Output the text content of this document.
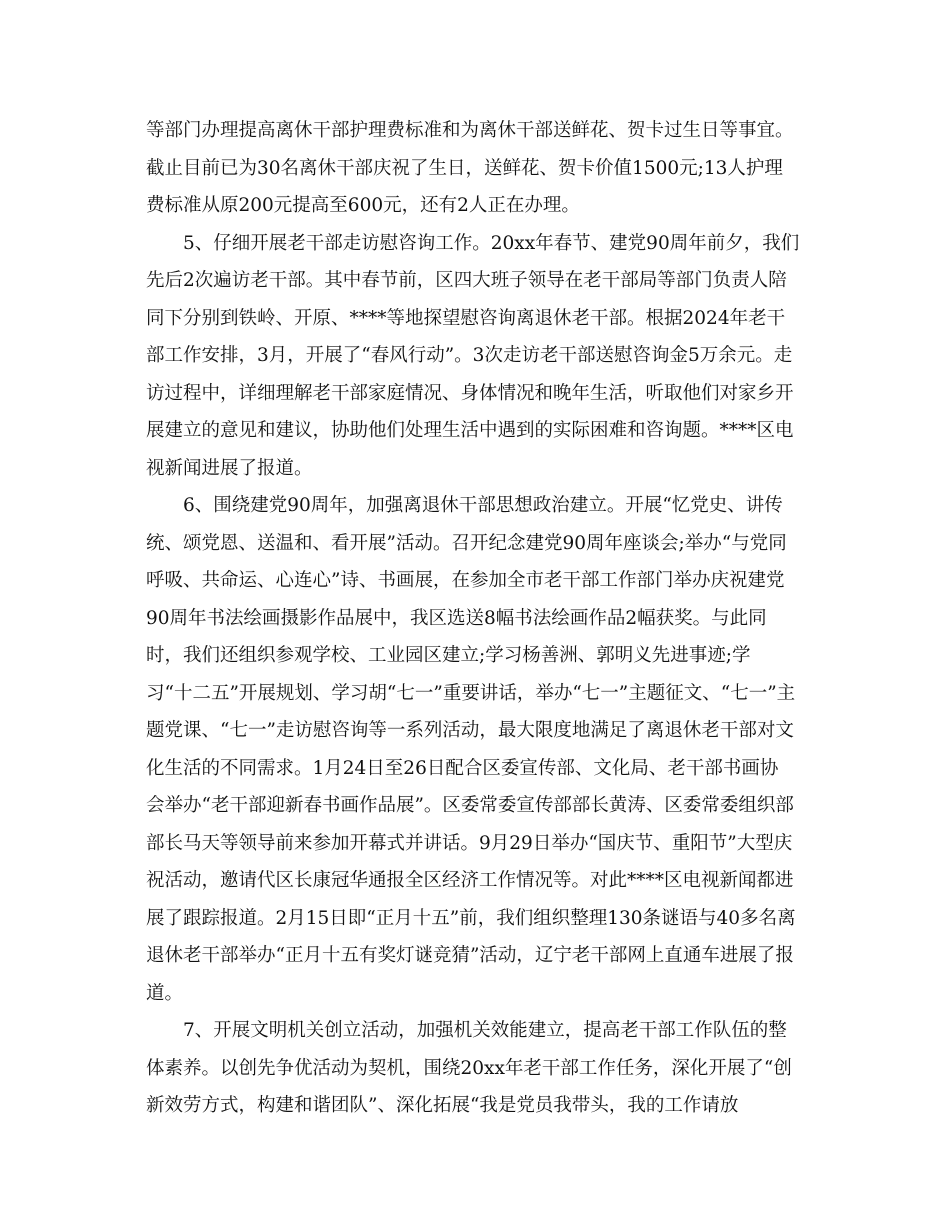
等部门办理提高离休干部护理费标准和为离休干部送鲜花、贺卡过生日等事宜。
截止目前已为30名离休干部庆祝了生日，送鲜花、贺卡价值1500元;13人护理
费标准从原200元提高至600元，还有2人正在办理。
5、仔细开展老干部走访慰咨询工作。20xx年春节、建党90周年前夕，我们
先后2次遍访老干部。其中春节前，区四大班子领导在老干部局等部门负责人陪
同下分别到铁岭、开原、****等地探望慰咨询离退休老干部。根据2024年老干
部工作安排，3月，开展了“春风行动”。3次走访老干部送慰咨询金5万余元。走
访过程中，详细理解老干部家庭情况、身体情况和晚年生活，听取他们对家乡开
展建立的意见和建议，协助他们处理生活中遇到的实际困难和咨询题。****区电
视新闻进展了报道。
6、围绕建党90周年，加强离退休干部思想政治建立。开展“忆党史、讲传
统、颂党恩、送温和、看开展”活动。召开纪念建党90周年座谈会;举办“与党同
呼吸、共命运、心连心”诗、书画展，在参加全市老干部工作部门举办庆祝建党
90周年书法绘画摄影作品展中，我区选送8幅书法绘画作品2幅获奖。与此同
时，我们还组织参观学校、工业园区建立;学习杨善洲、郭明义先进事迹;学
习“十二五”开展规划、学习胡“七一”重要讲话，举办“七一”主题征文、“七一”主
题党课、“七一”走访慰咨询等一系列活动，最大限度地满足了离退休老干部对文
化生活的不同需求。1月24日至26日配合区委宣传部、文化局、老干部书画协
会举办“老干部迎新春书画作品展”。区委常委宣传部部长黄涛、区委常委组织部
部长马天等领导前来参加开幕式并讲话。9月29日举办“国庆节、重阳节”大型庆
祝活动，邀请代区长康冠华通报全区经济工作情况等。对此****区电视新闻都进
展了跟踪报道。2月15日即“正月十五”前，我们组织整理130条谜语与40多名离
退休老干部举办“正月十五有奖灯谜竞猜”活动，辽宁老干部网上直通车进展了报
道。
7、开展文明机关创立活动，加强机关效能建立，提高老干部工作队伍的整
体素养。以创先争优活动为契机，围绕20xx年老干部工作任务，深化开展了“创
新效劳方式，构建和谐团队”、深化拓展“我是党员我带头，我的工作请放
